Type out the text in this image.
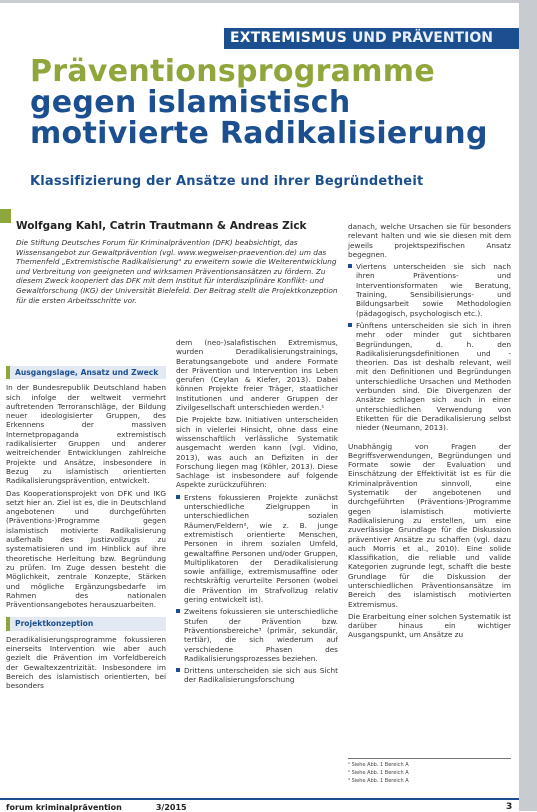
EXTREMISMUS UND PRÄVENTION
Präventionsprogramme
gegen islamistisch
motivierte Radikalisierung
Klassifizierung der Ansätze und ihrer Begründetheit
Wolfgang Kahl, Catrin Trautmann & Andreas Zick
Die Stiftung Deutsches Forum für Kriminalprävention (DFK) beabsichtigt, das Wissensangebot zur Gewaltprävention (vgl. www.wegweiser-praevention.de) um das Themenfeld „Extremistische Radikalisierung" zu erweitern sowie die Weiterentwicklung und Verbreitung von geeigneten und wirksamen Präventionsansätzen zu fördern. Zu diesem Zweck kooperiert das DFK mit dem Institut für interdisziplinäre Konflikt- und Gewaltforschung (IKG) der Universität Bielefeld. Der Beitrag stellt die Projektkonzeption für die ersten Arbeitsschritte vor.
Ausgangslage, Ansatz und Zweck

In der Bundesrepublik Deutschland haben sich infolge der weltweit vermehrt auftretenden Terroranschläge, der Bildung neuer ideologisierter Gruppen, des Erkennens der massiven Internetpropaganda extremistisch radikalisierter Gruppen und anderer weitreichender Entwicklungen zahlreiche Projekte und Ansätze, insbesondere in Bezug zu islamistisch orientierten Radikalisierungsprävention, entwickelt.

Das Kooperationsprojekt von DFK und IKG setzt hier an. Ziel ist es, die in Deutschland angebotenen und durchgeführten (Präventions-)Programme gegen islamistisch motivierte Radikalisierung außerhalb des Justizvollzugs zu systematisieren und im Hinblick auf ihre theoretische Herleitung bzw. Begründung zu prüfen. Im Zuge dessen besteht die Möglichkeit, zentrale Konzepte, Stärken und mögliche Ergänzungsbedarfe im Rahmen des nationalen Präventionsangebotes herauszuarbeiten.

Projektkonzeption

Deradikalisierungsprogramme fokussieren einerseits Intervention wie aber auch gezielt die Prävention im Vorfeldbereich der Gewaltexzentrizität. Insbesondere im Bereich des islamistisch orientierten, bei besonders

dem (neo-)salafistischen Extremismus, wurden Deradikalisierungstrainings, Beratungsangebote und andere Formate der Prävention und Intervention ins Leben gerufen (Ceylan & Kiefer, 2013). Dabei können Projekte freier Träger, staatlicher Institutionen und anderer Gruppen der Zivilgesellschaft unterschieden werden.¹

Die Projekte bzw. Initiativen unterscheiden sich in vielerlei Hinsicht, ohne dass eine wissenschaftlich verlässliche Systematik ausgemacht werden kann (vgl. Vidino, 2013), was auch an Defiziten in der Forschung liegen mag (Köhler, 2013). Diese Sachlage ist insbesondere auf folgende Aspekte zurückzuführen:

Erstens fokussieren Projekte zunächst unterschiedliche Zielgruppen in unterschiedlichen sozialen Räumen/Feldern², wie z. B. junge extremistisch orientierte Menschen, Personen in ihrem sozialen Umfeld, gewaltaffine Personen und/oder Gruppen, Multiplikatoren der Deradikalisierung sowie anfällige, extremismusaffine oder rechtskräftig verurteilte Personen (wobei die Prävention im Strafvollzug relativ gering entwickelt ist).
Zweitens fokussieren sie unterschiedliche Stufen der Prävention bzw. Präventionsbereiche³ (primär, sekundär, tertiär), die sich wiederum auf verschiedene Phasen des Radikalisierungsprozesses beziehen.
Drittens unterscheiden sie sich aus Sicht der Radikalisierungsforschung

danach, welche Ursachen sie für besonders relevant halten und wie sie diesen mit dem jeweils projektspezifischen Ansatz begegnen.

Viertens unterscheiden sie sich nach ihren Präventions- und Interventionsformaten wie Beratung, Training, Sensibilisierungs- und Bildungsarbeit sowie Methodologien (pädagogisch, psychologisch etc.).
Fünftens unterscheiden sie sich in ihren mehr oder minder gut sichtbaren Begründungen, d. h. den Radikalisierungsdefinitionen und -theorien. Das ist deshalb relevant, weil mit den Definitionen und Begründungen unterschiedliche Ursachen und Methoden verbunden sind. Die Divergenzen der Ansätze schlagen sich auch in einer unterschiedlichen Verwendung von Etiketten für die Deradikalisierung selbst nieder (Neumann, 2013).

Unabhängig von Fragen der Begriffsverwendungen, Begründungen und Formate sowie der Evaluation und Einschätzung der Effektivität ist es für die Kriminalprävention sinnvoll, eine Systematik der angebotenen und durchgeführten (Präventions-)Programme gegen islamistisch motivierte Radikalisierung zu erstellen, um eine zuverlässige Grundlage für die Diskussion präventiver Ansätze zu schaffen (vgl. dazu auch Morris et al., 2010). Eine solide Klassifikation, die reliable und valide Kategorien zugrunde legt, schafft die beste Grundlage für die Diskussion der unterschiedlichen Präventionsansätze im Bereich des islamistisch motivierten Extremismus.

Die Erarbeitung einer solchen Systematik ist darüber hinaus ein wichtiger Ausgangspunkt, um Ansätze zu

¹ Siehe Abb. 1 Bereich A
² Siehe Abb. 1 Bereich A
³ Siehe Abb. 1 Bereich A
forum kriminalprävention	3/2015	3
